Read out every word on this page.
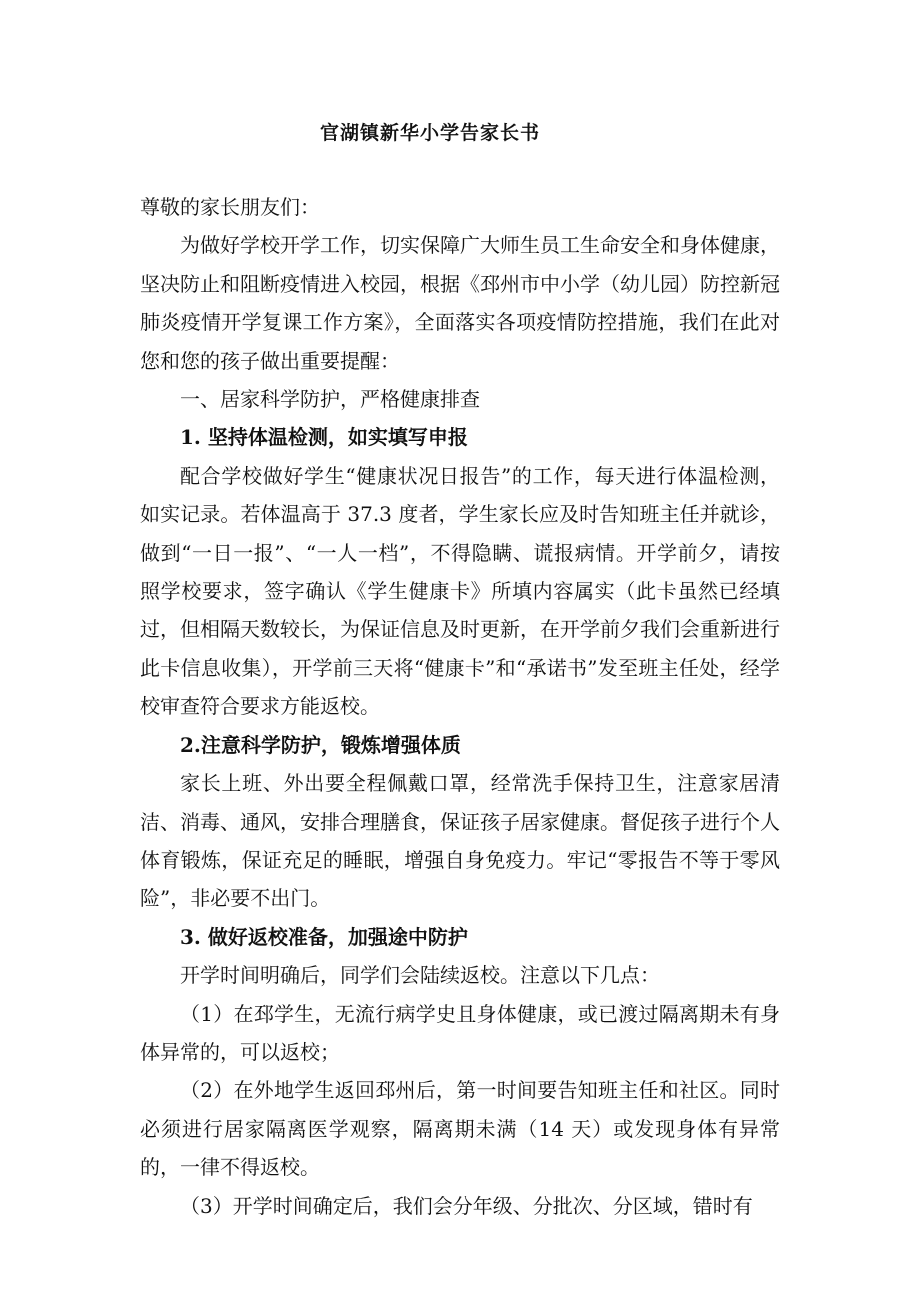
官湖镇新华小学告家长书

尊敬的家长朋友们：

为做好学校开学工作，切实保障广大师生员工生命安全和身体健康，坚决防止和阻断疫情进入校园，根据《邳州市中小学（幼儿园）防控新冠肺炎疫情开学复课工作方案》，全面落实各项疫情防控措施，我们在此对您和您的孩子做出重要提醒：

一、居家科学防护，严格健康排查

1. 坚持体温检测，如实填写申报

配合学校做好学生“健康状况日报告”的工作，每天进行体温检测，如实记录。若体温高于 37.3 度者，学生家长应及时告知班主任并就诊，做到“一日一报”、“一人一档”，不得隐瞒、谎报病情。开学前夕，请按照学校要求，签字确认《学生健康卡》所填内容属实（此卡虽然已经填过，但相隔天数较长，为保证信息及时更新，在开学前夕我们会重新进行此卡信息收集），开学前三天将“健康卡”和“承诺书”发至班主任处，经学校审查符合要求方能返校。

2.注意科学防护，锻炼增强体质

家长上班、外出要全程佩戴口罩，经常洗手保持卫生，注意家居清洁、消毒、通风，安排合理膳食，保证孩子居家健康。督促孩子进行个人体育锻炼，保证充足的睡眠，增强自身免疫力。牢记“零报告不等于零风险”，非必要不出门。

3. 做好返校准备，加强途中防护

开学时间明确后，同学们会陆续返校。注意以下几点：

（1）在邳学生，无流行病学史且身体健康，或已渡过隔离期未有身体异常的，可以返校；

（2）在外地学生返回邳州后，第一时间要告知班主任和社区。同时必须进行居家隔离医学观察，隔离期未满（14 天）或发现身体有异常的，一律不得返校。

（3）开学时间确定后，我们会分年级、分批次、分区域，错时有
